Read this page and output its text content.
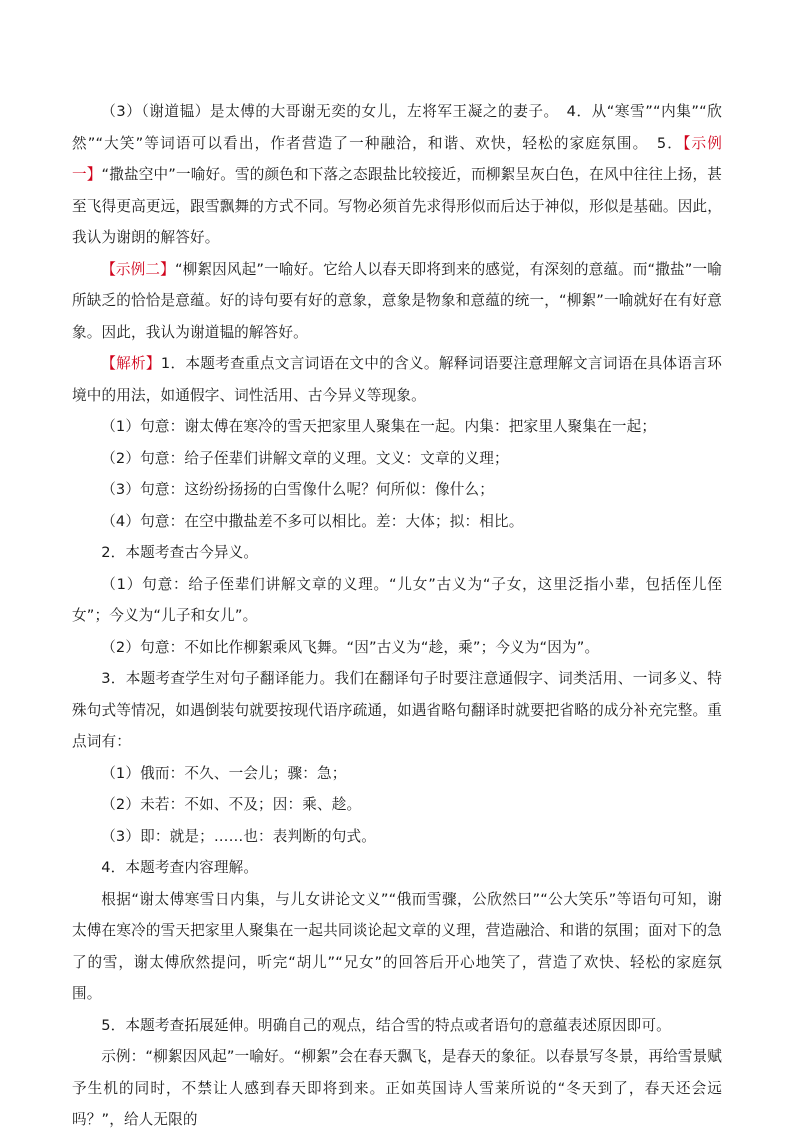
（3）（谢道韫）是太傅的大哥谢无奕的女儿，左将军王凝之的妻子。　4．从“寒雪”“内集”“欣然”“大笑”等词语可以看出，作者营造了一种融洽，和谐、欢快，轻松的家庭氛围。　5．【示例一】“撒盐空中”一喻好。雪的颜色和下落之态跟盐比较接近，而柳絮呈灰白色，在风中往往上扬，甚至飞得更高更远，跟雪飘舞的方式不同。写物必须首先求得形似而后达于神似，形似是基础。因此，我认为谢朗的解答好。

【示例二】“柳絮因风起”一喻好。它给人以春天即将到来的感觉，有深刻的意蕴。而“撒盐”一喻所缺乏的恰恰是意蕴。好的诗句要有好的意象，意象是物象和意蕴的统一，“柳絮”一喻就好在有好意象。因此，我认为谢道韫的解答好。

【解析】1．本题考查重点文言词语在文中的含义。解释词语要注意理解文言词语在具体语言环境中的用法，如通假字、词性活用、古今异义等现象。

（1）句意：谢太傅在寒冷的雪天把家里人聚集在一起。内集：把家里人聚集在一起；

（2）句意：给子侄辈们讲解文章的义理。文义：文章的义理；

（3）句意：这纷纷扬扬的白雪像什么呢？何所似：像什么；

（4）句意：在空中撒盐差不多可以相比。差：大体；拟：相比。

2．本题考查古今异义。

（1）句意：给子侄辈们讲解文章的义理。“儿女”古义为“子女，这里泛指小辈，包括侄儿侄女”；今义为“儿子和女儿”。

（2）句意：不如比作柳絮乘风飞舞。“因”古义为“趁，乘”；今义为“因为”。

3．本题考查学生对句子翻译能力。我们在翻译句子时要注意通假字、词类活用、一词多义、特殊句式等情况，如遇倒装句就要按现代语序疏通，如遇省略句翻译时就要把省略的成分补充完整。重点词有：

（1）俄而：不久、一会儿；骤：急；

（2）未若：不如、不及；因：乘、趁。

（3）即：就是；……也：表判断的句式。

4．本题考查内容理解。

根据“谢太傅寒雪日内集，与儿女讲论文义”“俄而雪骤，公欣然曰”“公大笑乐”等语句可知，谢太傅在寒冷的雪天把家里人聚集在一起共同谈论起文章的义理，营造融洽、和谐的氛围；面对下的急了的雪，谢太傅欣然提问，听完“胡儿”“兄女”的回答后开心地笑了，营造了欢快、轻松的家庭氛围。

5．本题考查拓展延伸。明确自己的观点，结合雪的特点或者语句的意蕴表述原因即可。

示例：“柳絮因风起”一喻好。“柳絮”会在春天飘飞，是春天的象征。以春景写冬景，再给雪景赋予生机的同时，不禁让人感到春天即将到来。正如英国诗人雪莱所说的“冬天到了，春天还会远吗？”，给人无限的
